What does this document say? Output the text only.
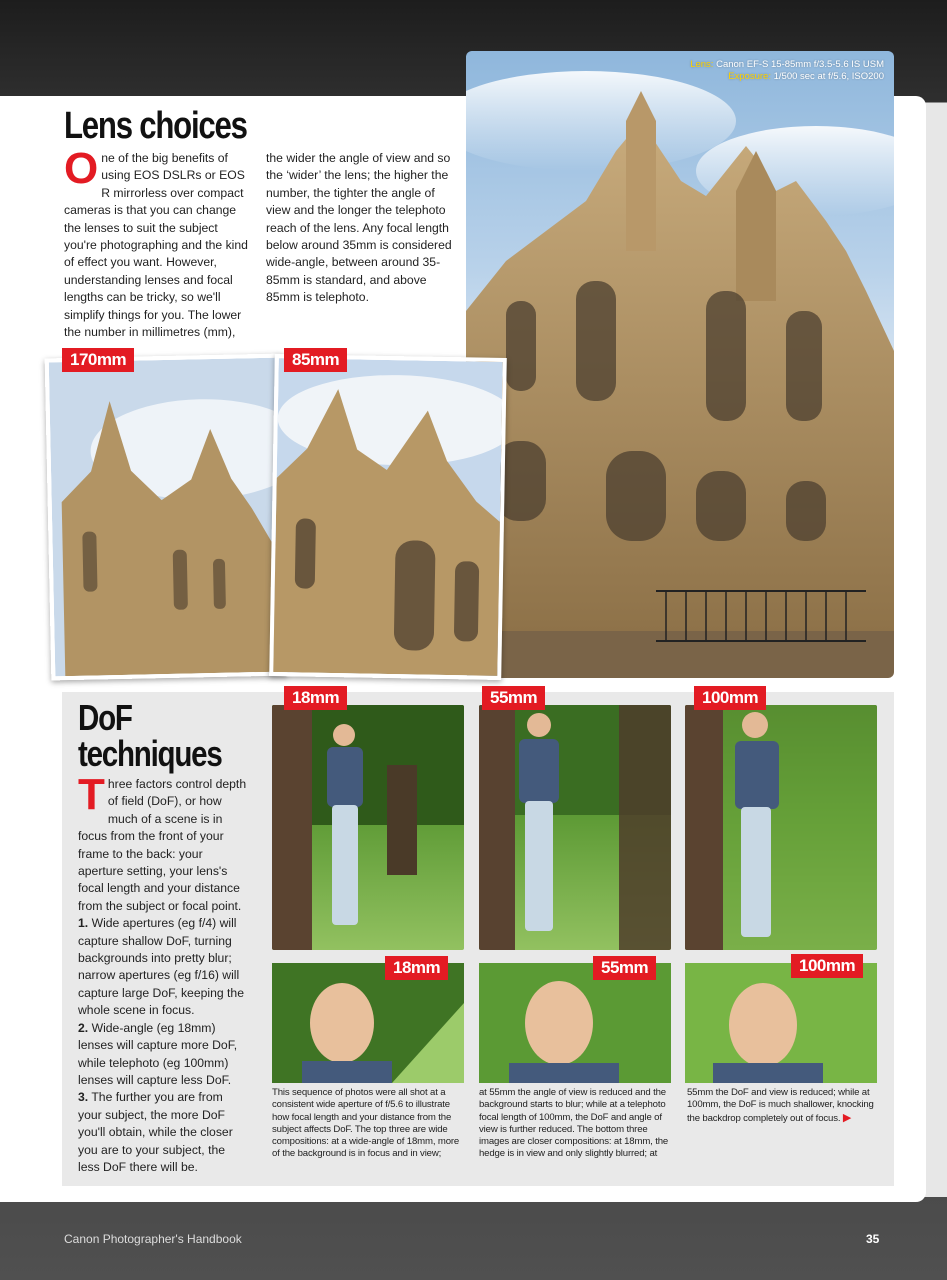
Lens choices
One of the big benefits of using EOS DSLRs or EOS R mirrorless over compact cameras is that you can change the lenses to suit the subject you're photographing and the kind of effect you want. However, understanding lenses and focal lengths can be tricky, so we'll simplify things for you. The lower the number in millimetres (mm),
the wider the angle of view and so the ‘wider’ the lens; the higher the number, the tighter the angle of view and the longer the telephoto reach of the lens. Any focal length below around 35mm is considered wide-angle, between around 35-85mm is standard, and above 85mm is telephoto.
Lens: Canon EF-S 15-85mm f/3.5-5.6 IS USM
Exposure: 1/500 sec at f/5.6, ISO200
170mm	85mm
DoF
techniques
Three factors control depth of field (DoF), or how much of a scene is in focus from the front of your frame to the back: your aperture setting, your lens's focal length and your distance from the subject or focal point.
1. Wide apertures (eg f/4) will capture shallow DoF, turning backgrounds into pretty blur; narrow apertures (eg f/16) will capture large DoF, keeping the whole scene in focus.
2. Wide-angle (eg 18mm) lenses will capture more DoF, while telephoto (eg 100mm) lenses will capture less DoF.
3. The further you are from your subject, the more DoF you'll obtain, while the closer you are to your subject, the less DoF there will be.
18mm	55mm	100mm
18mm	55mm	100mm
This sequence of photos were all shot at a consistent wide aperture of f/5.6 to illustrate how focal length and your distance from the subject affects DoF. The top three are wide compositions: at a wide-angle of 18mm, more of the background is in focus and in view;
at 55mm the angle of view is reduced and the background starts to blur; while at a telephoto focal length of 100mm, the DoF and angle of view is further reduced. The bottom three images are closer compositions: at 18mm, the hedge is in view and only slightly blurred; at
55mm the DoF and view is reduced; while at 100mm, the DoF is much shallower, knocking the backdrop completely out of focus. ▶
Canon Photographer's Handbook	35
